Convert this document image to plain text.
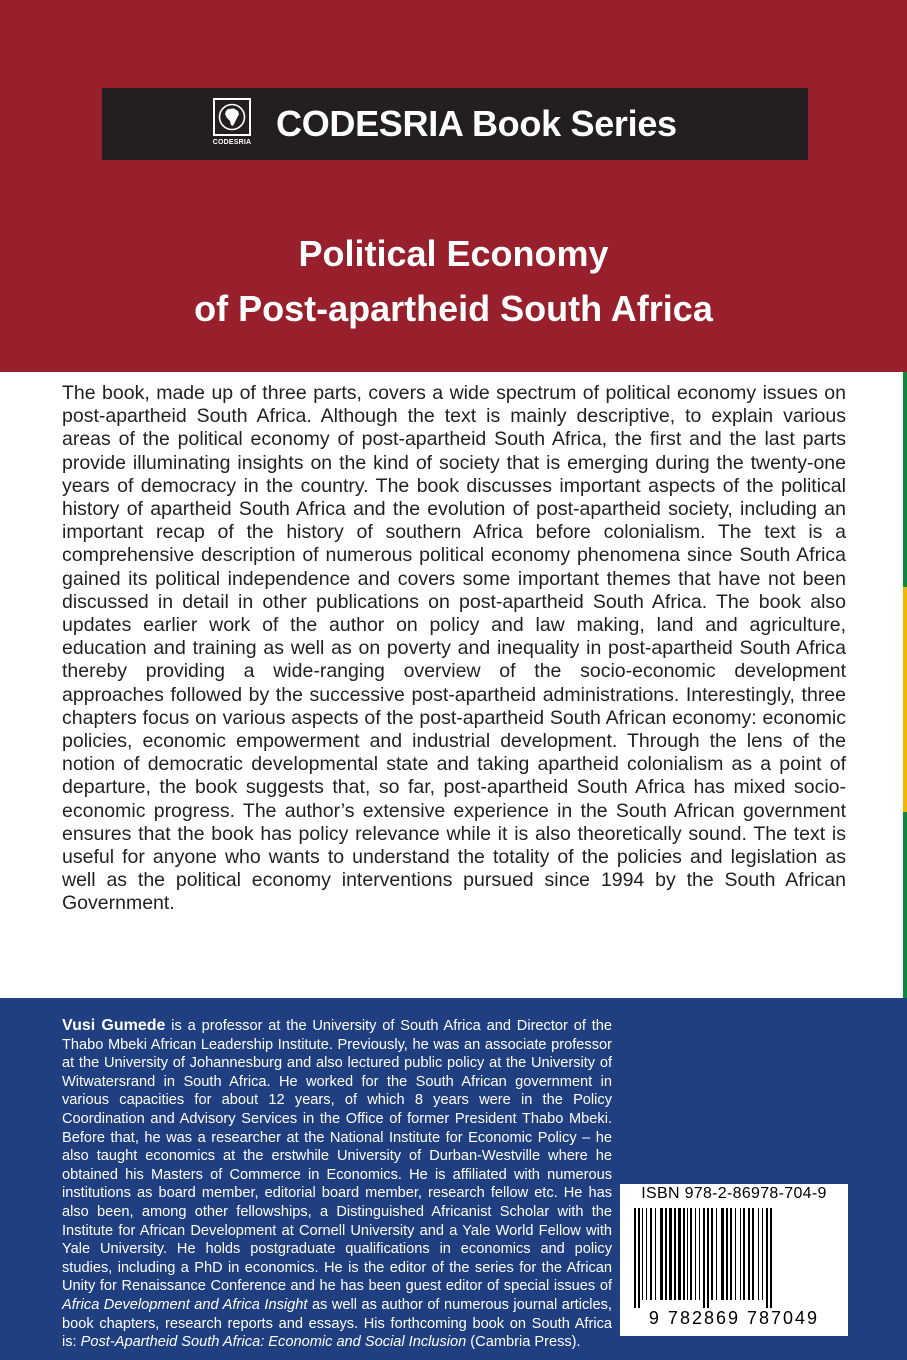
CODESRIA CODESRIA Book Series
Political Economy
of Post-apartheid South Africa
The book, made up of three parts, covers a wide spectrum of political economy issues on post-apartheid South Africa. Although the text is mainly descriptive, to explain various areas of the political economy of post-apartheid South Africa, the first and the last parts provide illuminating insights on the kind of society that is emerging during the twenty-one years of democracy in the country. The book discusses important aspects of the political history of apartheid South Africa and the evolution of post-apartheid society, including an important recap of the history of southern Africa before colonialism. The text is a comprehensive description of numerous political economy phenomena since South Africa gained its political independence and covers some important themes that have not been discussed in detail in other publications on post-apartheid South Africa. The book also updates earlier work of the author on policy and law making, land and agriculture, education and training as well as on poverty and inequality in post-apartheid South Africa thereby providing a wide-ranging overview of the socio-economic development approaches followed by the successive post-apartheid administrations. Interestingly, three chapters focus on various aspects of the post-apartheid South African economy: economic policies, economic empowerment and industrial development. Through the lens of the notion of democratic developmental state and taking apartheid colonialism as a point of departure, the book suggests that, so far, post-apartheid South Africa has mixed socio-economic progress. The author’s extensive experience in the South African government ensures that the book has policy relevance while it is also theoretically sound. The text is useful for anyone who wants to understand the totality of the policies and legislation as well as the political economy interventions pursued since 1994 by the South African Government.
Vusi Gumede is a professor at the University of South Africa and Director of the Thabo Mbeki African Leadership Institute. Previously, he was an associate professor at the University of Johannesburg and also lectured public policy at the University of Witwatersrand in South Africa. He worked for the South African government in various capacities for about 12 years, of which 8 years were in the Policy Coordination and Advisory Services in the Office of former President Thabo Mbeki. Before that, he was a researcher at the National Institute for Economic Policy – he also taught economics at the erstwhile University of Durban-Westville where he obtained his Masters of Commerce in Economics. He is affiliated with numerous institutions as board member, editorial board member, research fellow etc. He has also been, among other fellowships, a Distinguished Africanist Scholar with the Institute for African Development at Cornell University and a Yale World Fellow with Yale University. He holds postgraduate qualifications in economics and policy studies, including a PhD in economics. He is the editor of the series for the African Unity for Renaissance Conference and he has been guest editor of special issues of Africa Development and Africa Insight as well as author of numerous journal articles, book chapters, research reports and essays. His forthcoming book on South Africa is: Post-Apartheid South Africa: Economic and Social Inclusion (Cambria Press).
ISBN 978-2-86978-704-9
9 782869 787049
